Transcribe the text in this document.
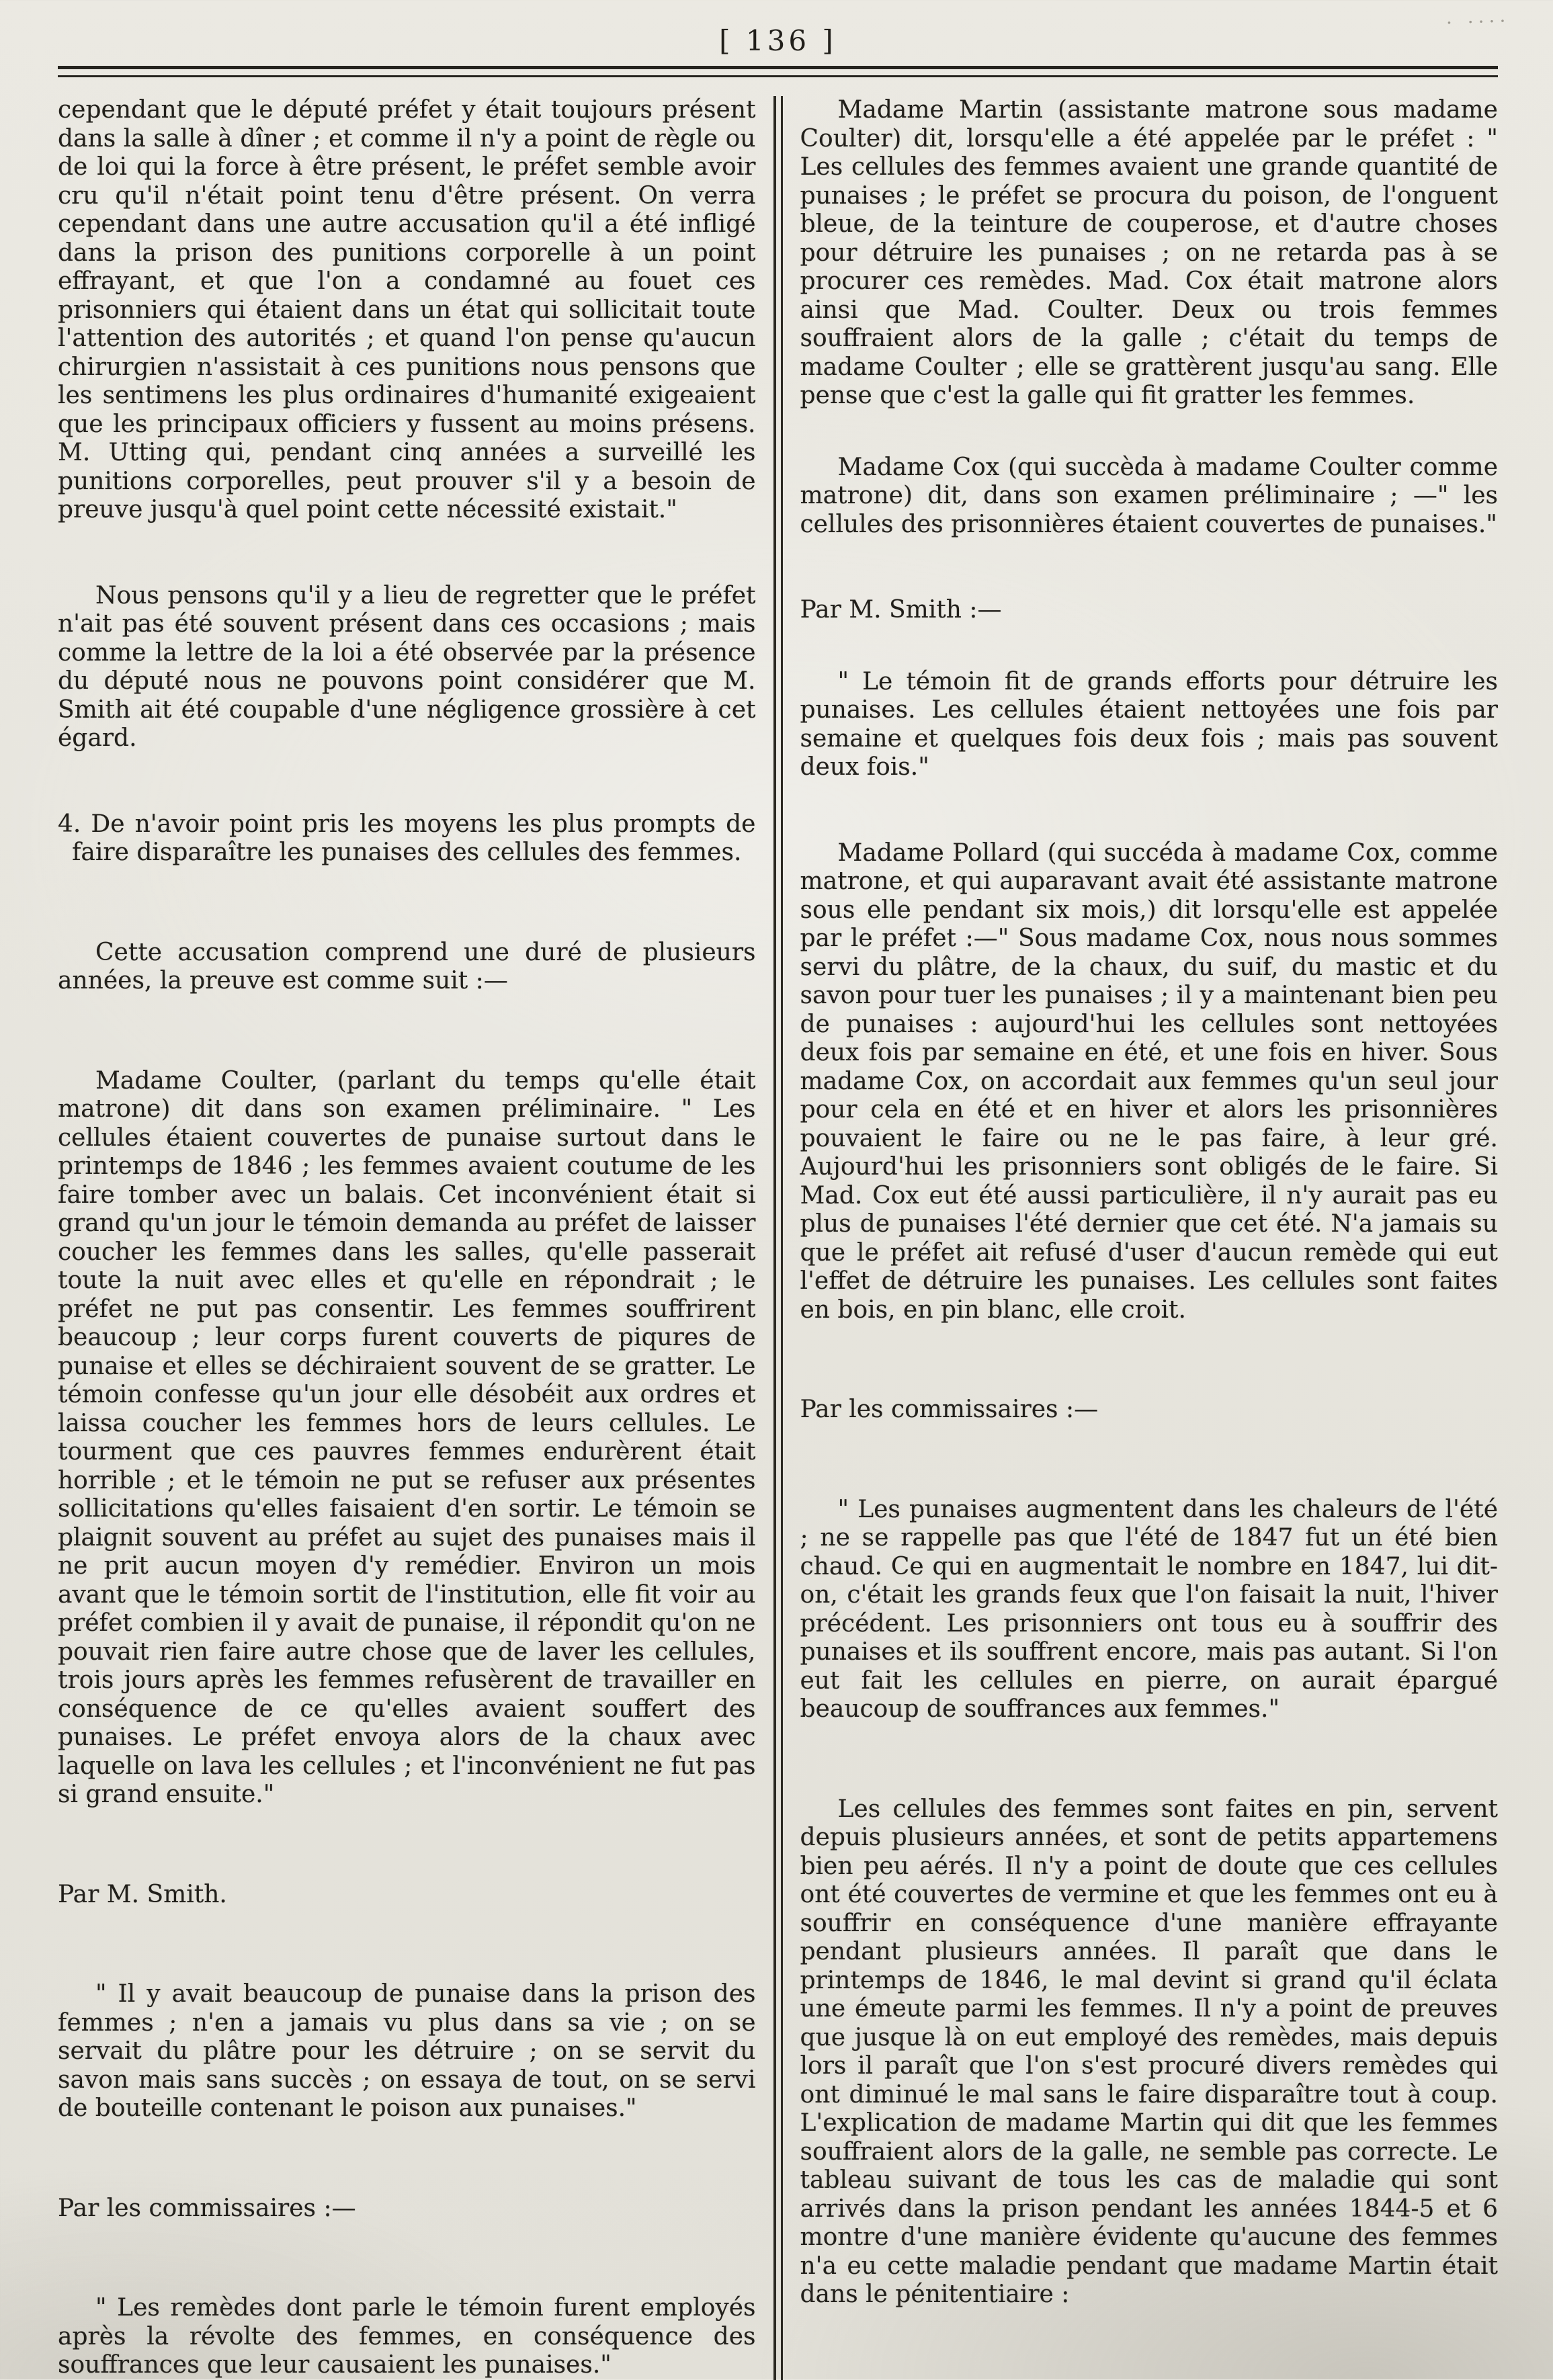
· ····
[ 136 ]

cependant que le député préfet y était toujours présent dans la salle à dîner ; et comme il n'y a point de règle ou de loi qui la force à être présent, le préfet semble avoir cru qu'il n'était point tenu d'être présent. On verra cependant dans une autre accusation qu'il a été infligé dans la prison des punitions corporelle à un point effrayant, et que l'on a condamné au fouet ces prisonniers qui étaient dans un état qui sollicitait toute l'attention des autorités ; et quand l'on pense qu'aucun chirurgien n'assistait à ces punitions nous pensons que les sentimens les plus ordinaires d'humanité exigeaient que les principaux officiers y fussent au moins présens. M. Utting qui, pendant cinq années a surveillé les punitions corporelles, peut prouver s'il y a besoin de preuve jusqu'à quel point cette nécessité existait."

Nous pensons qu'il y a lieu de regretter que le préfet n'ait pas été souvent présent dans ces occasions ; mais comme la lettre de la loi a été observée par la présence du député nous ne pouvons point considérer que M. Smith ait été coupable d'une négligence grossière à cet égard.

4. De n'avoir point pris les moyens les plus prompts de faire disparaître les punaises des cellules des femmes.

Cette accusation comprend une duré de plusieurs années, la preuve est comme suit :—

Madame Coulter, (parlant du temps qu'elle était matrone) dit dans son examen préliminaire. " Les cellules étaient couvertes de punaise surtout dans le printemps de 1846 ; les femmes avaient coutume de les faire tomber avec un balais. Cet inconvénient était si grand qu'un jour le témoin demanda au préfet de laisser coucher les femmes dans les salles, qu'elle passerait toute la nuit avec elles et qu'elle en répondrait ; le préfet ne put pas consentir. Les femmes souffrirent beaucoup ; leur corps furent couverts de piqures de punaise et elles se déchiraient souvent de se gratter. Le témoin confesse qu'un jour elle désobéit aux ordres et laissa coucher les femmes hors de leurs cellules. Le tourment que ces pauvres femmes endurèrent était horrible ; et le témoin ne put se refuser aux présentes sollicitations qu'elles faisaient d'en sortir. Le témoin se plaignit souvent au préfet au sujet des punaises mais il ne prit aucun moyen d'y remédier. Environ un mois avant que le témoin sortit de l'institution, elle fit voir au préfet combien il y avait de punaise, il répondit qu'on ne pouvait rien faire autre chose que de laver les cellules, trois jours après les femmes refusèrent de travailler en conséquence de ce qu'elles avaient souffert des punaises. Le préfet envoya alors de la chaux avec laquelle on lava les cellules ; et l'inconvénient ne fut pas si grand ensuite."

Par M. Smith.

" Il y avait beaucoup de punaise dans la prison des femmes ; n'en a jamais vu plus dans sa vie ; on se servait du plâtre pour les détruire ; on se servit du savon mais sans succès ; on essaya de tout, on se servi de bouteille contenant le poison aux punaises."

Par les commissaires :—

" Les remèdes dont parle le témoin furent employés après la révolte des femmes, en conséquence des souffrances que leur causaient les punaises."

Madame Martin (assistante matrone sous madame Coulter) dit, lorsqu'elle a été appelée par le préfet : " Les cellules des femmes avaient une grande quantité de punaises ; le préfet se procura du poison, de l'onguent bleue, de la teinture de couperose, et d'autre choses pour détruire les punaises ; on ne retarda pas à se procurer ces remèdes. Mad. Cox était matrone alors ainsi que Mad. Coulter. Deux ou trois femmes souffraient alors de la galle ; c'était du temps de madame Coulter ; elle se grattèrent jusqu'au sang. Elle pense que c'est la galle qui fit gratter les femmes.

Madame Cox (qui succèda à madame Coulter comme matrone) dit, dans son examen préliminaire ; —" les cellules des prisonnières étaient couvertes de punaises."

Par M. Smith :—

" Le témoin fit de grands efforts pour détruire les punaises. Les cellules étaient nettoyées une fois par semaine et quelques fois deux fois ; mais pas souvent deux fois."

Madame Pollard (qui succéda à madame Cox, comme matrone, et qui auparavant avait été assistante matrone sous elle pendant six mois,) dit lorsqu'elle est appelée par le préfet :—" Sous madame Cox, nous nous sommes servi du plâtre, de la chaux, du suif, du mastic et du savon pour tuer les punaises ; il y a maintenant bien peu de punaises : aujourd'hui les cellules sont nettoyées deux fois par semaine en été, et une fois en hiver. Sous madame Cox, on accordait aux femmes qu'un seul jour pour cela en été et en hiver et alors les prisonnières pouvaient le faire ou ne le pas faire, à leur gré. Aujourd'hui les prisonniers sont obligés de le faire. Si Mad. Cox eut été aussi particulière, il n'y aurait pas eu plus de punaises l'été dernier que cet été. N'a jamais su que le préfet ait refusé d'user d'aucun remède qui eut l'effet de détruire les punaises. Les cellules sont faites en bois, en pin blanc, elle croit.

Par les commissaires :—

" Les punaises augmentent dans les chaleurs de l'été ; ne se rappelle pas que l'été de 1847 fut un été bien chaud. Ce qui en augmentait le nombre en 1847, lui dit-on, c'était les grands feux que l'on faisait la nuit, l'hiver précédent. Les prisonniers ont tous eu à souffrir des punaises et ils souffrent encore, mais pas autant. Si l'on eut fait les cellules en pierre, on aurait épargué beaucoup de souffrances aux femmes."

Les cellules des femmes sont faites en pin, servent depuis plusieurs années, et sont de petits appartemens bien peu aérés. Il n'y a point de doute que ces cellules ont été couvertes de vermine et que les femmes ont eu à souffrir en conséquence d'une manière effrayante pendant plusieurs années. Il paraît que dans le printemps de 1846, le mal devint si grand qu'il éclata une émeute parmi les femmes. Il n'y a point de preuves que jusque là on eut employé des remèdes, mais depuis lors il paraît que l'on s'est procuré divers remèdes qui ont diminué le mal sans le faire disparaître tout à coup. L'explication de madame Martin qui dit que les femmes souffraient alors de la galle, ne semble pas correcte. Le tableau suivant de tous les cas de maladie qui sont arrivés dans la prison pendant les années 1844-5 et 6 montre d'une manière évidente qu'aucune des femmes n'a eu cette maladie pendant que madame Martin était dans le pénitentiaire :
